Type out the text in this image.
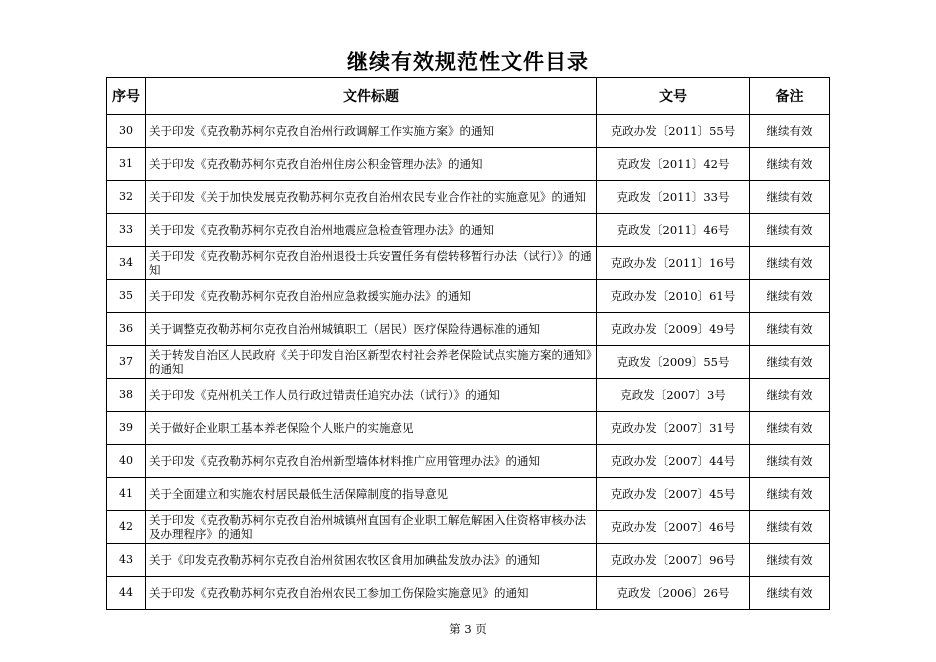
继续有效规范性文件目录
序号	文件标题	文号	备注
30	关于印发《克孜勒苏柯尔克孜自治州行政调解工作实施方案》的通知	克政办发〔2011〕55号	继续有效
31	关于印发《克孜勒苏柯尔克孜自治州住房公积金管理办法》的通知	克政发〔2011〕42号	继续有效
32	关于印发《关于加快发展克孜勒苏柯尔克孜自治州农民专业合作社的实施意见》的通知	克政发〔2011〕33号	继续有效
33	关于印发《克孜勒苏柯尔克孜自治州地震应急检查管理办法》的通知	克政发〔2011〕46号	继续有效
34	关于印发《克孜勒苏柯尔克孜自治州退役士兵安置任务有偿转移暂行办法（试行）》的通知	克政办发〔2011〕16号	继续有效
35	关于印发《克孜勒苏柯尔克孜自治州应急救援实施办法》的通知	克政办发〔2010〕61号	继续有效
36	关于调整克孜勒苏柯尔克孜自治州城镇职工（居民）医疗保险待遇标准的通知	克政办发〔2009〕49号	继续有效
37	关于转发自治区人民政府《关于印发自治区新型农村社会养老保险试点实施方案的通知》的通知	克政发〔2009〕55号	继续有效
38	关于印发《克州机关工作人员行政过错责任追究办法（试行）》的通知	克政发〔2007〕3号	继续有效
39	关于做好企业职工基本养老保险个人账户的实施意见	克政办发〔2007〕31号	继续有效
40	关于印发《克孜勒苏柯尔克孜自治州新型墙体材料推广应用管理办法》的通知	克政办发〔2007〕44号	继续有效
41	关于全面建立和实施农村居民最低生活保障制度的指导意见	克政办发〔2007〕45号	继续有效
42	关于印发《克孜勒苏柯尔克孜自治州城镇州直国有企业职工解危解困入住资格审核办法及办理程序》的通知	克政办发〔2007〕46号	继续有效
43	关于《印发克孜勒苏柯尔克孜自治州贫困农牧区食用加碘盐发放办法》的通知	克政办发〔2007〕96号	继续有效
44	关于印发《克孜勒苏柯尔克孜自治州农民工参加工伤保险实施意见》的通知	克政发〔2006〕26号	继续有效
第 3 页
